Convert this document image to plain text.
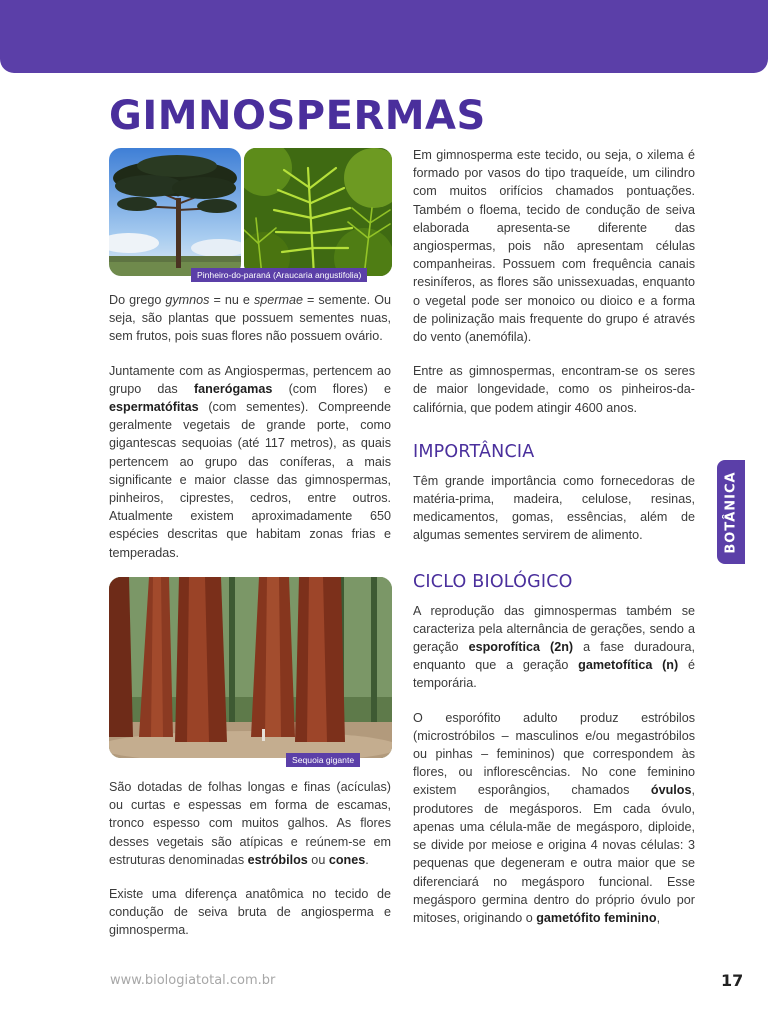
GIMNOSPERMAS
Pinheiro-do-paraná (Araucaria angustifolia)
Sequoia gigante

Do grego gymnos = nu e spermae = semente. Ou seja, são plantas que possuem sementes nuas, sem frutos, pois suas flores não possuem ovário.

Juntamente com as Angiospermas, pertencem ao grupo das fanerógamas (com flores) e espermatófitas (com sementes). Compreende geralmente vegetais de grande porte, como gigantescas sequoias (até 117 metros), as quais pertencem ao grupo das coníferas, a mais significante e maior classe das gimnospermas, pinheiros, ciprestes, cedros, entre outros. Atualmente existem aproximadamente 650 espécies descritas que habitam zonas frias e temperadas.

São dotadas de folhas longas e finas (acículas) ou curtas e espessas em forma de escamas, tronco espesso com muitos galhos. As flores desses vegetais são atípicas e reúnem-se em estruturas denominadas estróbilos ou cones.

Existe uma diferença anatômica no tecido de condução de seiva bruta de angiosperma e gimnosperma.

Em gimnosperma este tecido, ou seja, o xilema é formado por vasos do tipo traqueíde, um cilindro com muitos orifícios chamados pontuações. Também o floema, tecido de condução de seiva elaborada apresenta-se diferente das angiospermas, pois não apresentam células companheiras. Possuem com frequência canais resiníferos, as flores são unissexuadas, enquanto o vegetal pode ser monoico ou dioico e a forma de polinização mais frequente do grupo é através do vento (anemófila).

Entre as gimnospermas, encontram-se os seres de maior longevidade, como os pinheiros-da-califórnia, que podem atingir 4600 anos.

IMPORTÂNCIA

Têm grande importância como fornecedoras de matéria-prima, madeira, celulose, resinas, medicamentos, gomas, essências, além de algumas sementes servirem de alimento.

CICLO BIOLÓGICO

A reprodução das gimnospermas também se caracteriza pela alternância de gerações, sendo a geração esporofítica (2n) a fase duradoura, enquanto que a geração gametofítica (n) é temporária.

O esporófito adulto produz estróbilos (microstróbilos – masculinos e/ou megastróbilos ou pinhas – femininos) que correspondem às flores, ou inflorescências. No cone feminino existem esporângios, chamados óvulos, produtores de megásporos. Em cada óvulo, apenas uma célula-mãe de megásporo, diploide, se divide por meiose e origina 4 novas células: 3 pequenas que degeneram e outra maior que se diferenciará no megásporo funcional. Esse megásporo germina dentro do próprio óvulo por mitoses, originando o gametófito feminino,

BOTÂNICA
www.biologiatotal.com.br	17
